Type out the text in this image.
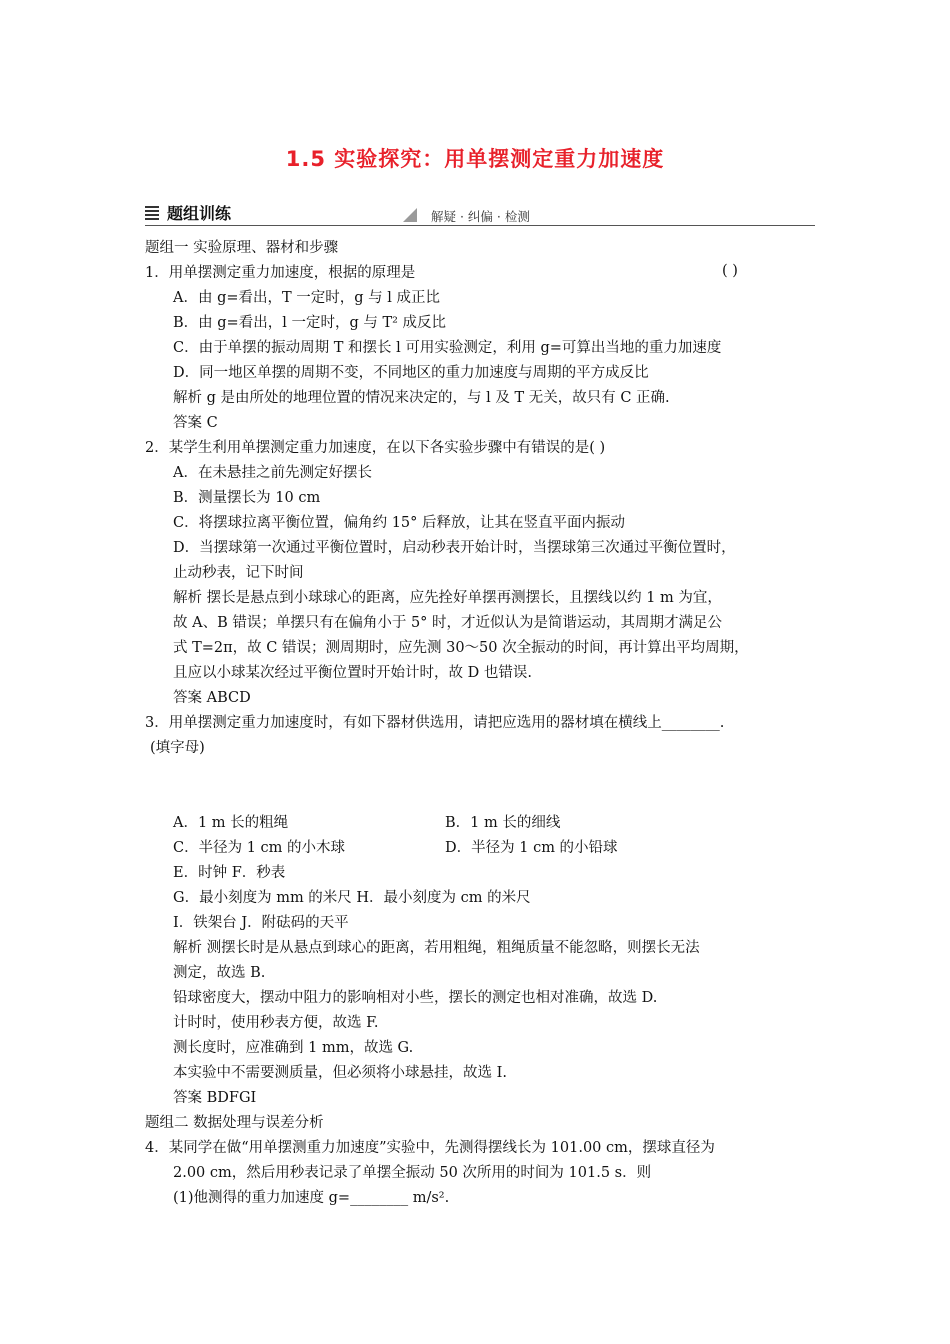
1.5 实验探究：用单摆测定重力加速度
题组训练	解疑 · 纠偏 · 检测
( )
题组一 实验原理、器材和步骤
1．用单摆测定重力加速度，根据的原理是
A．由 g=看出，T 一定时，g 与 l 成正比
B．由 g=看出，l 一定时，g 与 T² 成反比
C．由于单摆的振动周期 T 和摆长 l 可用实验测定，利用 g=可算出当地的重力加速度
D．同一地区单摆的周期不变，不同地区的重力加速度与周期的平方成反比
解析 g 是由所处的地理位置的情况来决定的，与 l 及 T 无关，故只有 C 正确.
答案 C
2．某学生利用单摆测定重力加速度，在以下各实验步骤中有错误的是( )
A．在未悬挂之前先测定好摆长
B．测量摆长为 10 cm
C．将摆球拉离平衡位置，偏角约 15° 后释放，让其在竖直平面内振动
D．当摆球第一次通过平衡位置时，启动秒表开始计时，当摆球第三次通过平衡位置时，
止动秒表，记下时间
解析 摆长是悬点到小球球心的距离，应先拴好单摆再测摆长，且摆线以约 1 m 为宜，
故 A、B 错误；单摆只有在偏角小于 5° 时，才近似认为是简谐运动，其周期才满足公
式 T=2π，故 C 错误；测周期时，应先测 30～50 次全振动的时间，再计算出平均周期，
且应以小球某次经过平衡位置时开始计时，故 D 也错误.
答案 ABCD
3．用单摆测定重力加速度时，有如下器材供选用，请把应选用的器材填在横线上________.
(填字母)
A．1 m 长的粗绳	B．1 m 长的细线
C．半径为 1 cm 的小木球	D．半径为 1 cm 的小铅球
E．时钟 F．秒表
G．最小刻度为 mm 的米尺 H．最小刻度为 cm 的米尺
I．铁架台 J．附砝码的天平
解析 测摆长时是从悬点到球心的距离，若用粗绳，粗绳质量不能忽略，则摆长无法
测定，故选 B.
铅球密度大，摆动中阻力的影响相对小些，摆长的测定也相对准确，故选 D.
计时时，使用秒表方便，故选 F.
测长度时，应准确到 1 mm，故选 G.
本实验中不需要测质量，但必须将小球悬挂，故选 I.
答案 BDFGI
题组二 数据处理与误差分析
4．某同学在做“用单摆测重力加速度”实验中，先测得摆线长为 101.00 cm，摆球直径为
2.00 cm，然后用秒表记录了单摆全振动 50 次所用的时间为 101.5 s．则
(1)他测得的重力加速度 g=________ m/s².
